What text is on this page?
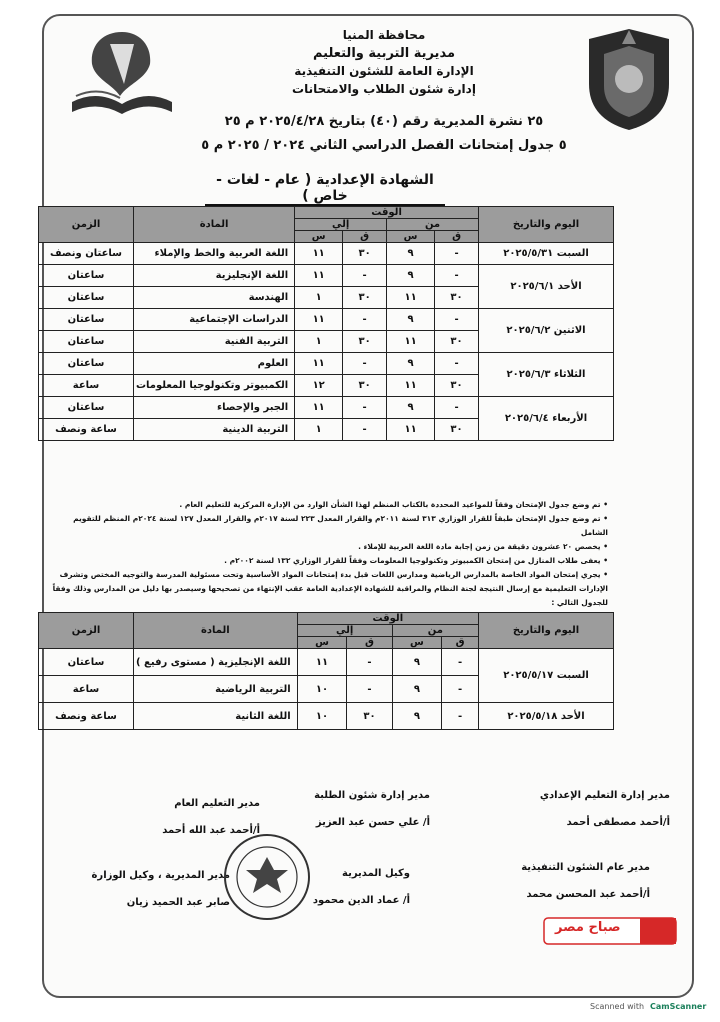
محافظة المنيا
مديرية التربية والتعليم
الإدارة العامة للشئون التنفيذية
إدارة شئون الطلاب والامتحانات
٢٥ نشرة المديرية رقم (٤٠) بتاريخ ٢٠٢٥/٤/٢٨ م ٢٥
٥ جدول إمتحانات الفصل الدراسي الثاني ٢٠٢٤ / ٢٠٢٥ م ٥
الشهادة الإعدادية ( عام - لغات - خاص )
اليوم والتاريخ	الوقت				المادة	الزمن
	من		إلي			
	ق	س	ق	س		
السبت ٢٠٢٥/٥/٣١	-	٩	٣٠	١١	اللغة العربية والخط والإملاء	ساعتان ونصف
الأحد ٢٠٢٥/٦/١	-	٩	-	١١	اللغة الإنجليزية	ساعتان
	٣٠	١١	٣٠	١	الهندسة	ساعتان
الاثنين ٢٠٢٥/٦/٢	-	٩	-	١١	الدراسات الإجتماعية	ساعتان
	٣٠	١١	٣٠	١	التربية الفنية	ساعتان
الثلاثاء ٢٠٢٥/٦/٣	-	٩	-	١١	العلوم	ساعتان
	٣٠	١١	٣٠	١٢	الكمبيوتر وتكنولوجيا المعلومات	ساعة
الأربعاء ٢٠٢٥/٦/٤	-	٩	-	١١	الجبر والإحصاء	ساعتان
	٣٠	١١	-	١	التربية الدينية	ساعة ونصف
• تم وضع جدول الإمتحان وفقاً للمواعيد المحددة بالكتاب المنظم لهذا الشأن الوارد من الإدارة المركزية للتعليم العام .
• تم وضع جدول الإمتحان طبقاً للقرار الوزاري ٣١٣ لسنة ٢٠١١م والقرار المعدل ٢٢٣ لسنة ٢٠١٧م والقرار المعدل ١٢٧ لسنة ٢٠٢٤م المنظم للتقويم الشامل
• يخصص ٢٠ عشرون دقيقة من زمن إجابة مادة اللغة العربية للإملاء .
• يعفى طلاب المنازل من إمتحان الكمبيوتر وتكنولوجيا المعلومات وفقاً للقرار الوزاري ١٣٢ لسنة ٢٠٠٢م .
• يجري إمتحان المواد الخاصة بالمدارس الرياضية ومدارس اللغات قبل بدء إمتحانات المواد الأساسية وتحت مسئولية المدرسة والتوجيه المختص وتشرف الإدارات التعليمية مع إرسال النتيجة لجنة النظام والمراقبة للشهادة الإعدادية العامة عقب الإنتهاء من تصحيحها وسيصدر بها دليل من المدارس وذلك وفقاً للجدول التالي :
اليوم والتاريخ	الوقت				المادة	الزمن
	من		إلي			
	ق	س	ق	س		
السبت ٢٠٢٥/٥/١٧	-	٩	-	١١	اللغة الإنجليزية ( مستوى رفيع )	ساعتان
	-	٩	-	١٠	التربية الرياضية	ساعة
الأحد ٢٠٢٥/٥/١٨	-	٩	٣٠	١٠	اللغة الثانية	ساعة ونصف
مدير إدارة التعليم الإعدادي
أ/أحمد مصطفى أحمد
مدير إدارة شئون الطلبة
أ/ علي حسن عبد العزيز
مدير التعليم العام
أ/أحمد عبد الله أحمد
مدير عام الشئون التنفيذية
أ/أحمد عبد المحسن محمد
وكيل المديرية
أ/ عماد الدين محمود
مدير المديرية ، وكيل الوزارة
صابر عبد الحميد زيان
صباح مصر
Scanned with CamScanner
